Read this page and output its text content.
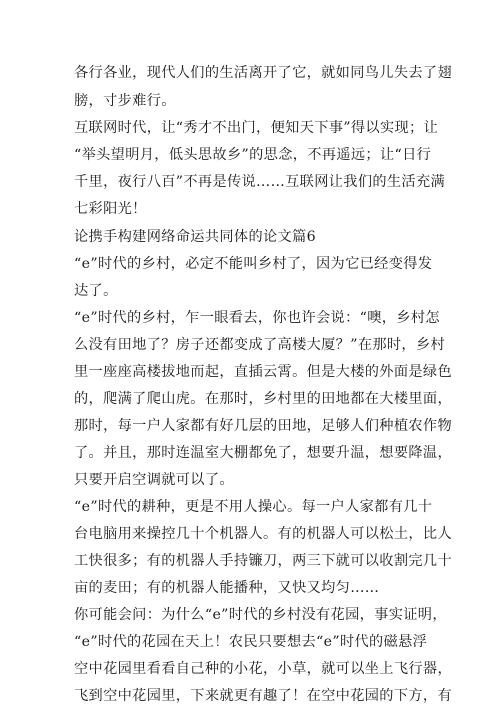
各行各业，现代人们的生活离开了它，就如同鸟儿失去了翅
膀，寸步难行。
互联网时代，让“秀才不出门，便知天下事”得以实现；让
“举头望明月，低头思故乡”的思念，不再遥远；让“日行
千里，夜行八百”不再是传说……互联网让我们的生活充满
七彩阳光！
论携手构建网络命运共同体的论文篇6
“e”时代的乡村，必定不能叫乡村了，因为它已经变得发
达了。
“e”时代的乡村，乍一眼看去，你也许会说：“噢，乡村怎
么没有田地了？房子还都变成了高楼大厦？”在那时，乡村
里一座座高楼拔地而起，直插云霄。但是大楼的外面是绿色
的，爬满了爬山虎。在那时，乡村里的田地都在大楼里面，
那时，每一户人家都有好几层的田地，足够人们种植农作物
了。并且，那时连温室大棚都免了，想要升温，想要降温，
只要开启空调就可以了。
“e”时代的耕种，更是不用人操心。每一户人家都有几十
台电脑用来操控几十个机器人。有的机器人可以松土，比人
工快很多；有的机器人手持镰刀，两三下就可以收割完几十
亩的麦田；有的机器人能播种，又快又均匀……
你可能会问：为什么“e”时代的乡村没有花园，事实证明，
“e”时代的花园在天上！农民只要想去“e”时代的磁悬浮
空中花园里看看自己种的小花，小草，就可以坐上飞行器，
飞到空中花园里，下来就更有趣了！在空中花园的下方，有
